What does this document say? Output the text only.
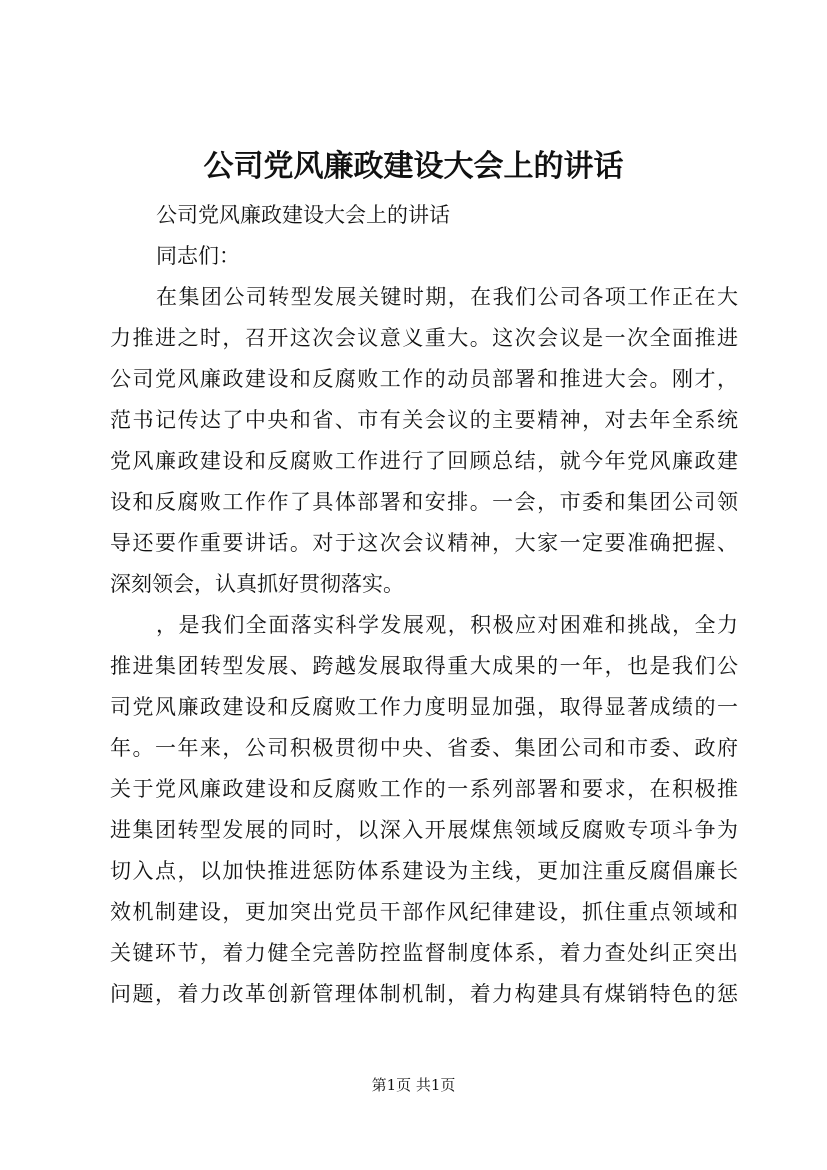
公司党风廉政建设大会上的讲话
公司党风廉政建设大会上的讲话
同志们：
在集团公司转型发展关键时期，在我们公司各项工作正在大
力推进之时，召开这次会议意义重大。这次会议是一次全面推进
公司党风廉政建设和反腐败工作的动员部署和推进大会。刚才，
范书记传达了中央和省、市有关会议的主要精神，对去年全系统
党风廉政建设和反腐败工作进行了回顾总结，就今年党风廉政建
设和反腐败工作作了具体部署和安排。一会，市委和集团公司领
导还要作重要讲话。对于这次会议精神，大家一定要准确把握、
深刻领会，认真抓好贯彻落实。
，是我们全面落实科学发展观，积极应对困难和挑战，全力
推进集团转型发展、跨越发展取得重大成果的一年，也是我们公
司党风廉政建设和反腐败工作力度明显加强，取得显著成绩的一
年。一年来，公司积极贯彻中央、省委、集团公司和市委、政府
关于党风廉政建设和反腐败工作的一系列部署和要求，在积极推
进集团转型发展的同时，以深入开展煤焦领域反腐败专项斗争为
切入点，以加快推进惩防体系建设为主线，更加注重反腐倡廉长
效机制建设，更加突出党员干部作风纪律建设，抓住重点领域和
关键环节，着力健全完善防控监督制度体系，着力查处纠正突出
问题，着力改革创新管理体制机制，着力构建具有煤销特色的惩
第1页 共1页
